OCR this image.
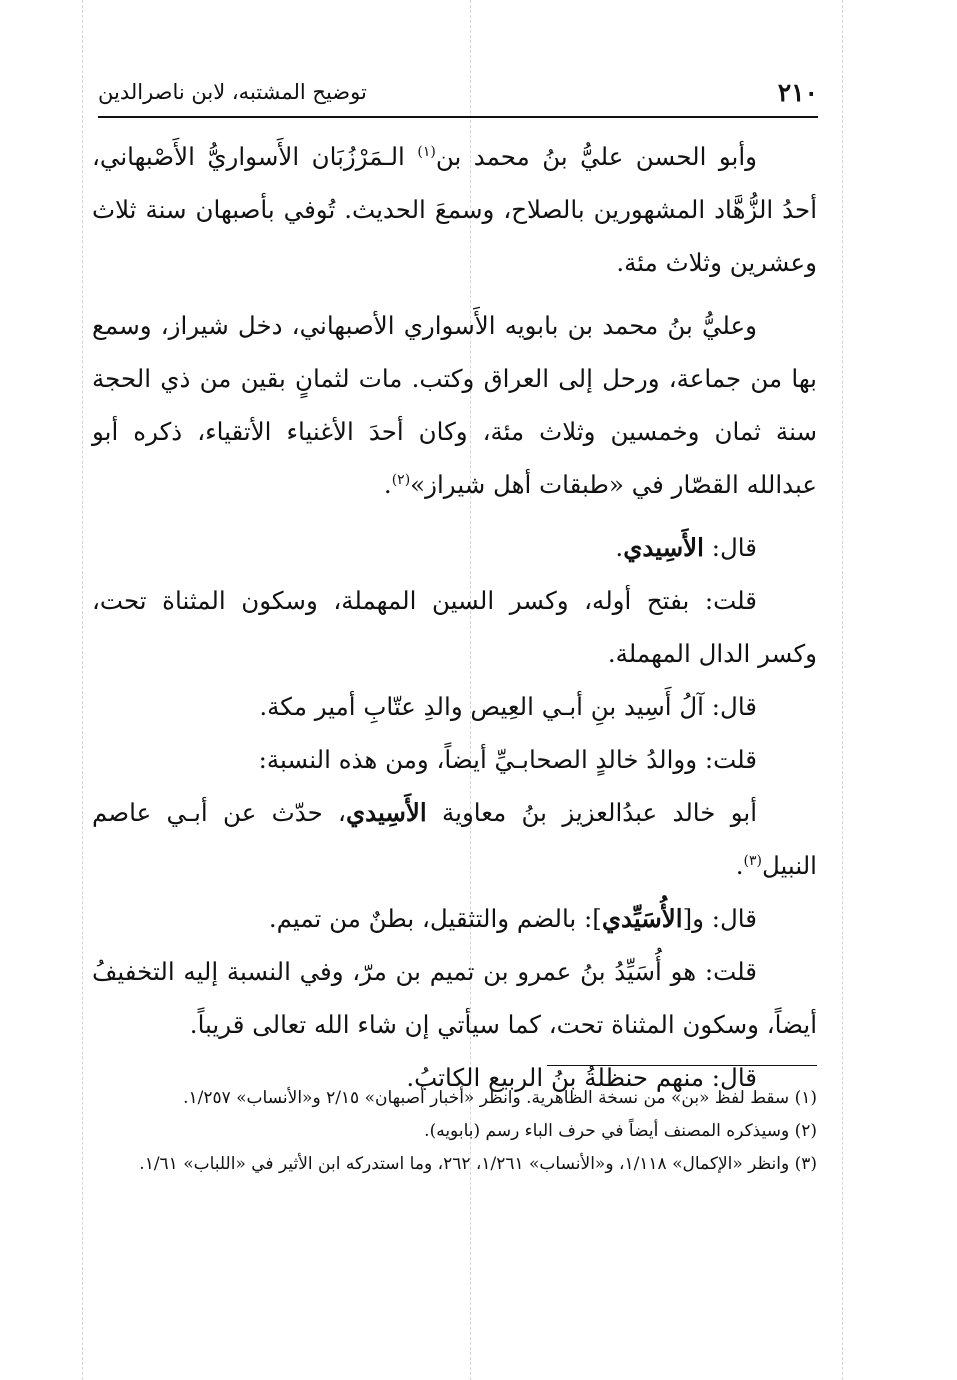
٢١٠
توضيح المشتبه، لابن ناصرالدين

وأبو الحسن عليُّ بنُ محمد بن$^{(١)}$ الـمَرْزُبَان الأَسواريُّ الأَصْبهاني، أحدُ الزُّهَّاد المشهورين بالصلاح، وسمعَ الحديث. تُوفي بأصبهان سنة ثلاث وعشرين وثلاث مئة.

وعليُّ بنُ محمد بن بابويه الأَسواري الأصبهاني، دخل شيراز، وسمع بها من جماعة، ورحل إلى العراق وكتب. مات لثمانٍ بقين من ذي الحجة سنة ثمان وخمسين وثلاث مئة، وكان أحدَ الأغنياء الأتقياء، ذكره أبو عبدالله القصّار في «طبقات أهل شيراز»$^{(٢)}$.

قال: الأَسِيدي.

قلت: بفتح أوله، وكسر السين المهملة، وسكون المثناة تحت، وكسر الدال المهملة.

قال: آلُ أَسِيد بنِ أبـي العِيص والدِ عتّابِ أمير مكة.

قلت: ووالدُ خالدٍ الصحابـيِّ أيضاً، ومن هذه النسبة:

أبو خالد عبدُالعزيز بنُ معاوية الأَسِيدي، حدّث عن أبـي عاصم النبيل$^{(٣)}$.

قال: و[الأُسَيِّدي]: بالضم والتثقيل، بطنٌ من تميم.

قلت: هو أُسَيِّدُ بنُ عمرو بن تميم بن مرّ، وفي النسبة إليه التخفيفُ أيضاً، وسكون المثناة تحت، كما سيأتي إن شاء الله تعالى قريباً.

قال: منهم حنظلةُ بنُ الربيع الكاتبُ.

(١) سقط لفظ «بن» من نسخة الظاهرية. وانظر «أخبار أصبهان» ٢/١٥ و«الأنساب» ١/٢٥٧.

(٢) وسيذكره المصنف أيضاً في حرف الباء رسم (بابويه).

(٣) وانظر «الإكمال» ١/١١٨، و«الأنساب» ١/٢٦١، ٢٦٢، وما استدركه ابن الأثير في «اللباب» ١/٦١.
